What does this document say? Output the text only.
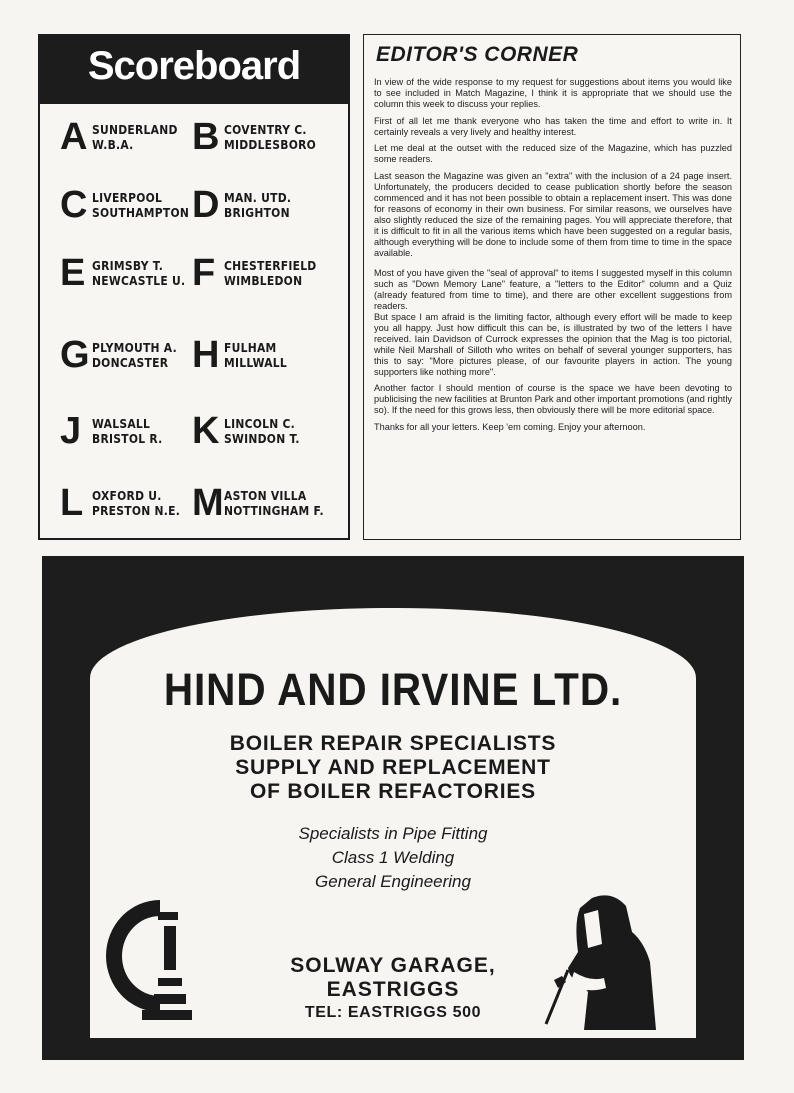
Scoreboard
A SUNDERLAND
W.B.A.	B COVENTRY C.
MIDDLESBORO
C LIVERPOOL
SOUTHAMPTON D MAN. UTD.
BRIGHTON
E GRIMSBY T.
NEWCASTLE U. F CHESTERFIELD
WIMBLEDON
G PLYMOUTH A.
DONCASTER H FULHAM
MILLWALL
J WALSALL
BRISTOL R. K LINCOLN C.
SWINDON T.
L OXFORD U.
PRESTON N.E. M ASTON VILLA
NOTTINGHAM F.
EDITOR'S CORNER

In view of the wide response to my request for suggestions about items you would like to see included in Match Magazine, I think it is appropriate that we should use the column this week to discuss your replies.

First of all let me thank everyone who has taken the time and effort to write in. It certainly reveals a very lively and healthy interest.

Let me deal at the outset with the reduced size of the Magazine, which has puzzled some readers.

Last season the Magazine was given an "extra" with the inclusion of a 24 page insert. Unfortunately, the producers decided to cease publication shortly before the season commenced and it has not been possible to obtain a replacement insert. This was done for reasons of economy in their own business. For similar reasons, we ourselves have also slightly reduced the size of the remaining pages. You will appreciate therefore, that it is difficult to fit in all the various items which have been suggested on a regular basis, although everything will be done to include some of them from time to time in the space available.

Most of you have given the "seal of approval" to items I suggested myself in this column such as "Down Memory Lane" feature, a "letters to the Editor" column and a Quiz (already featured from time to time), and there are other excellent suggestions from readers.

But space I am afraid is the limiting factor, although every effort will be made to keep you all happy. Just how difficult this can be, is illustrated by two of the letters I have received. Iain Davidson of Currock expresses the opinion that the Mag is too pictorial, while Neil Marshall of Silloth who writes on behalf of several younger supporters, has this to say: "More pictures please, of our favourite players in action. The young supporters like nothing more".

Another factor I should mention of course is the space we have been devoting to publicising the new facilities at Brunton Park and other important promotions (and rightly so). If the need for this grows less, then obviously there will be more editorial space.

Thanks for all your letters. Keep 'em coming. Enjoy your afternoon.

HIND AND IRVINE LTD.
BOILER REPAIR SPECIALISTS
SUPPLY AND REPLACEMENT
OF BOILER REFACTORIES
Specialists in Pipe Fitting
Class 1 Welding
General Engineering
SOLWAY GARAGE,
EASTRIGGS
TEL: EASTRIGGS 500
